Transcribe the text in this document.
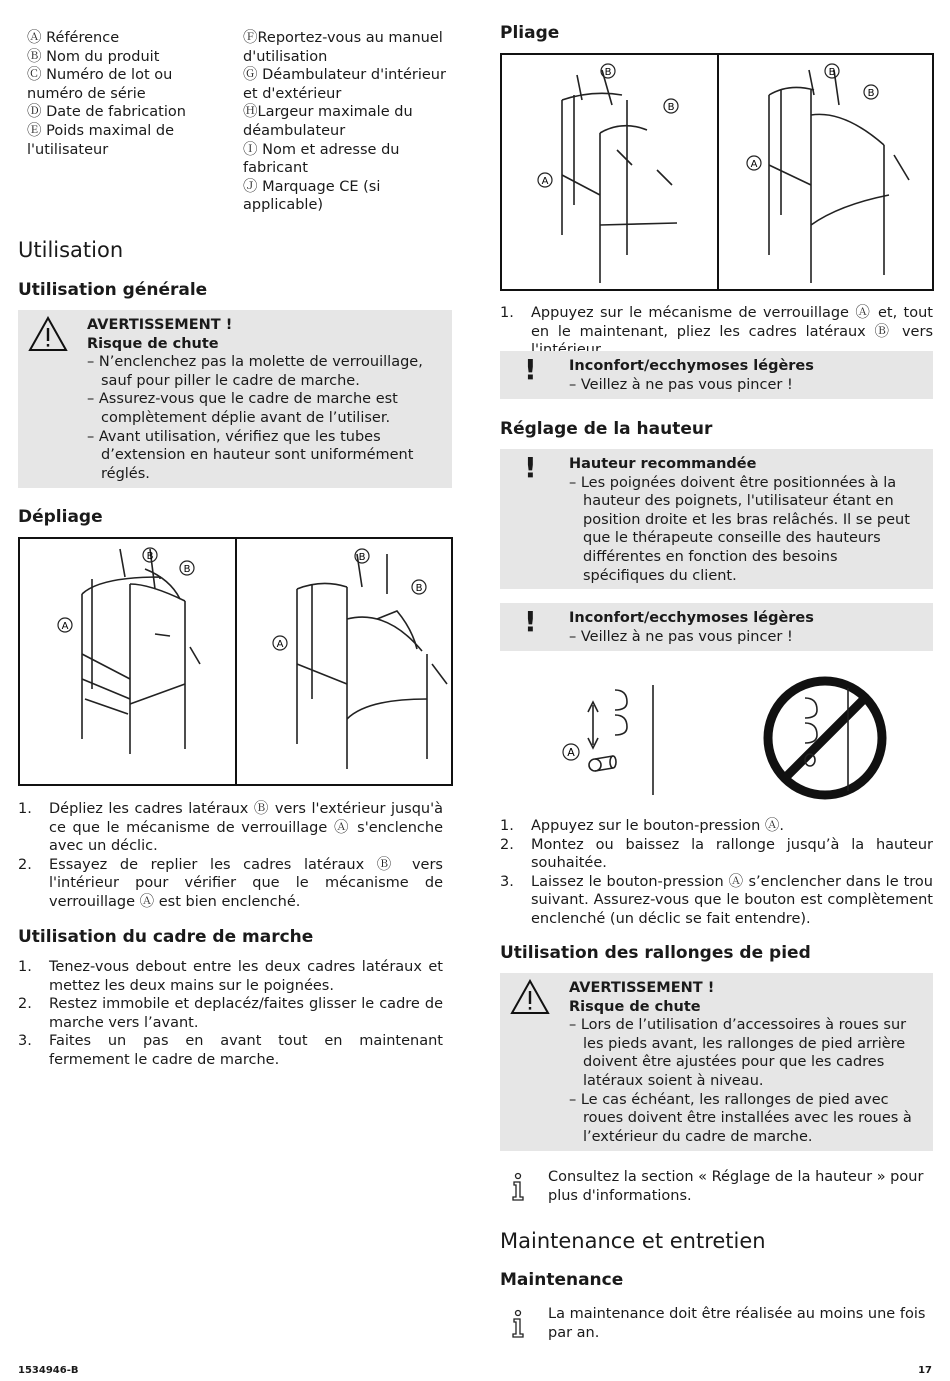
Ⓐ Référence
Ⓑ Nom du produit
Ⓒ Numéro de lot ou numéro de série
Ⓓ Date de fabrication
Ⓔ Poids maximal de l'utilisateur
ⒻReportez-vous au manuel d'utilisation
Ⓖ Déambulateur d'intérieur et d'extérieur
ⒽLargeur maximale du déambulateur
Ⓘ Nom et adresse du fabricant
Ⓙ Marquage CE (si applicable)
Utilisation
Utilisation générale
AVERTISSEMENT !
Risque de chute
– N’enclenchez pas la molette de verrouillage, sauf pour piller le cadre de marche.
– Assurez-vous que le cadre de marche est complètement déplie avant de l’utiliser.
– Avant utilisation, vérifiez que les tubes d’extension en hauteur sont uniformément réglés.
Dépliage
B
B
A
B
B
A
1. Dépliez les cadres latéraux Ⓑ vers l'extérieur jusqu'à ce que le mécanisme de verrouillage Ⓐ s'enclenche avec un déclic.
2. Essayez de replier les cadres latéraux Ⓑ vers l'intérieur pour vérifier que le mécanisme de verrouillage Ⓐ est bien enclenché.
Utilisation du cadre de marche
1. Tenez-vous debout entre les deux cadres latéraux et mettez les deux mains sur le poignées.
2. Restez immobile et deplacéz/faites glisser le cadre de marche vers l’avant.
3. Faites un pas en avant tout en maintenant fermement le cadre de marche.
Pliage
B
B
A
B
B
A
1. Appuyez sur le mécanisme de verrouillage Ⓐ et, tout en le maintenant, pliez les cadres latéraux Ⓑ vers
! Inconfort/ecchymoses légères
– Veillez à ne pas vous pincer !
Réglage de la hauteur
! Hauteur recommandée
– Les poignées doivent être positionnées à la hauteur des poignets, l'utilisateur étant en position droite et les bras relâchés. Il se peut que le thérapeute conseille des hauteurs différentes en fonction des besoins spécifiques du client.
! Inconfort/ecchymoses légères
– Veillez à ne pas vous pincer !
A
1. Appuyez sur le bouton-pression Ⓐ.
2. Montez ou baissez la rallonge jusqu’à la hauteur souhaitée.
3. Laissez le bouton-pression Ⓐ s’enclencher dans le trou suivant. Assurez-vous que le bouton est complètement enclenché (un déclic se fait entendre).
Utilisation des rallonges de pied
AVERTISSEMENT !
Risque de chute
– Lors de l’utilisation d’accessoires à roues sur les pieds avant, les rallonges de pied arrière doivent être ajustées pour que les cadres latéraux soient à niveau.
– Le cas échéant, les rallonges de pied avec roues doivent être installées avec les roues à l’extérieur du cadre de marche.
Consultez la section « Réglage de la hauteur » pour plus d'informations.
Maintenance et entretien
Maintenance
La maintenance doit être réalisée au moins une fois par an.
1534946-B	17
